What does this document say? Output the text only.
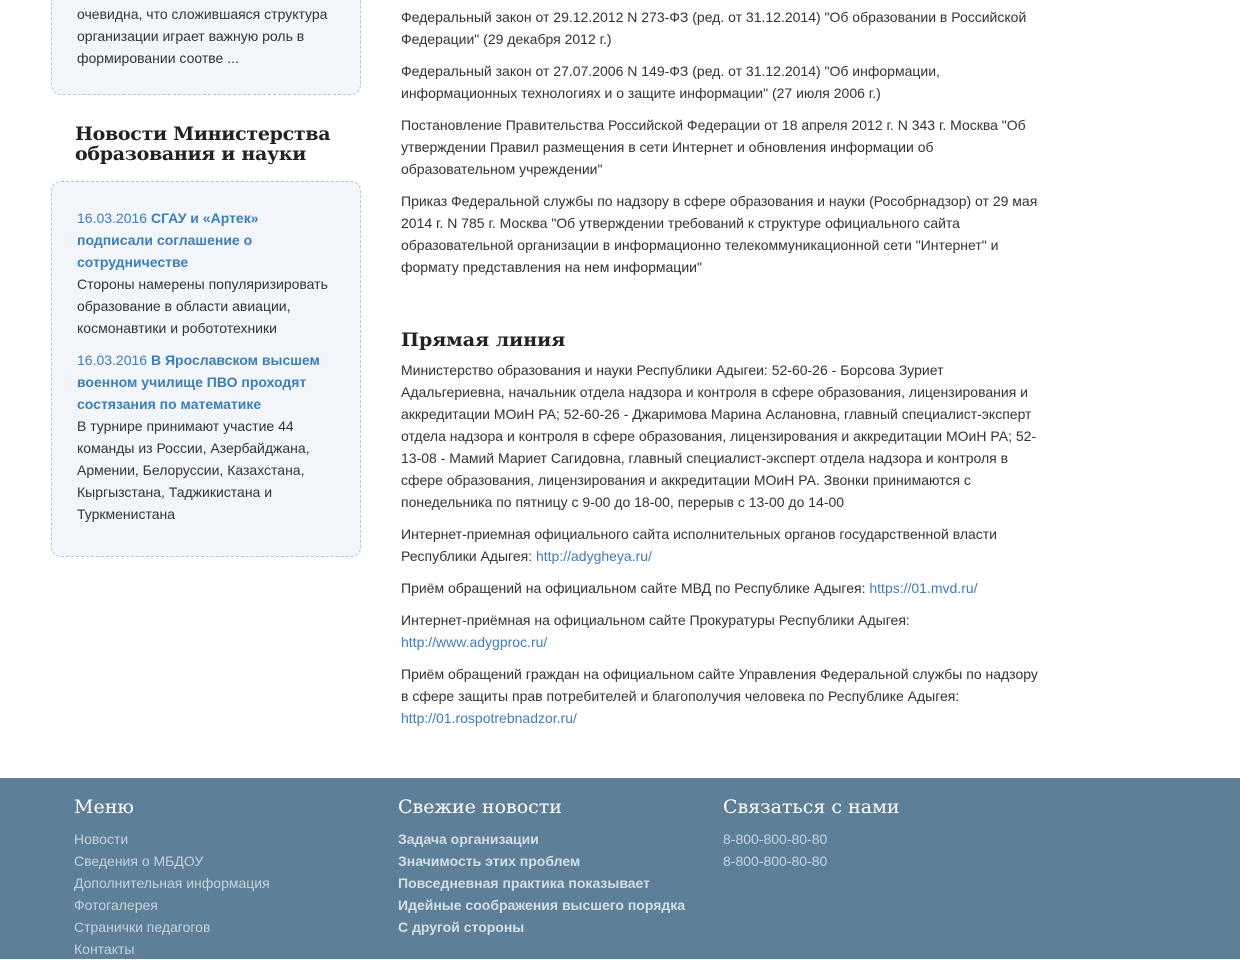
очевидна, что сложившаяся структура организации играет важную роль в формировании соотве ...

Новости Министерства образования и науки
16.03.2016 СГАУ и «Артек» подписали соглашение о сотрудничестве
Стороны намерены популяризировать образование в области авиации, космонавтики и робототехники
16.03.2016 В Ярославском высшем военном училище ПВО проходят состязания по математике
В турнире принимают участие 44 команды из России, Азербайджана, Армении, Белоруссии, Казахстана, Кыргызстана, Таджикистана и Туркменистана

Федеральный закон от 29.12.2012 N 273-ФЗ (ред. от 31.12.2014) "Об образовании в Российской Федерации" (29 декабря 2012 г.)

Федеральный закон от 27.07.2006 N 149-ФЗ (ред. от 31.12.2014) "Об информации, информационных технологиях и о защите информации" (27 июля 2006 г.)

Постановление Правительства Российской Федерации от 18 апреля 2012 г. N 343 г. Москва "Об утверждении Правил размещения в сети Интернет и обновления информации об образовательном учреждении"

Приказ Федеральной службы по надзору в сфере образования и науки (Рособрнадзор) от 29 мая 2014 г. N 785 г. Москва "Об утверждении требований к структуре официального сайта образовательной организации в информационно телекоммуникационной сети "Интернет" и формату представления на нем информации"

Прямая линия

Министерство образования и науки Республики Адыгеи: 52-60-26 - Борсова Зуриет Адальгериевна, начальник отдела надзора и контроля в сфере образования, лицензирования и аккредитации МОиН РА; 52-60-26 - Джаримова Марина Аслановна, главный специалист-эксперт отдела надзора и контроля в сфере образования, лицензирования и аккредитации МОиН РА; 52-13-08 - Мамий Мариет Сагидовна, главный специалист-эксперт отдела надзора и контроля в сфере образования, лицензирования и аккредитации МОиН РА. Звонки принимаются с понедельника по пятницу с 9-00 до 18-00, перерыв с 13-00 до 14-00

Интернет-приемная официального сайта исполнительных органов государственной власти Республики Адыгея: http://adygheya.ru/

Приём обращений на официальном сайте МВД по Республике Адыгея: https://01.mvd.ru/

Интернет-приёмная на официальном сайте Прокуратуры Республики Адыгея:
http://www.adygproc.ru/

Приём обращений граждан на официальном сайте Управления Федеральной службы по надзору в сфере защиты прав потребителей и благополучия человека по Республике Адыгея:
http://01.rospotrebnadzor.ru/

Меню
Новости
Сведения о МБДОУ
Дополнительная информация
Фотогалерея
Странички педагогов
Контакты
Свежие новости
Задача организации
Значимость этих проблем
Повседневная практика показывает
Идейные соображения высшего порядка
С другой стороны
Связаться с нами
8-800-800-80-80
8-800-800-80-80
